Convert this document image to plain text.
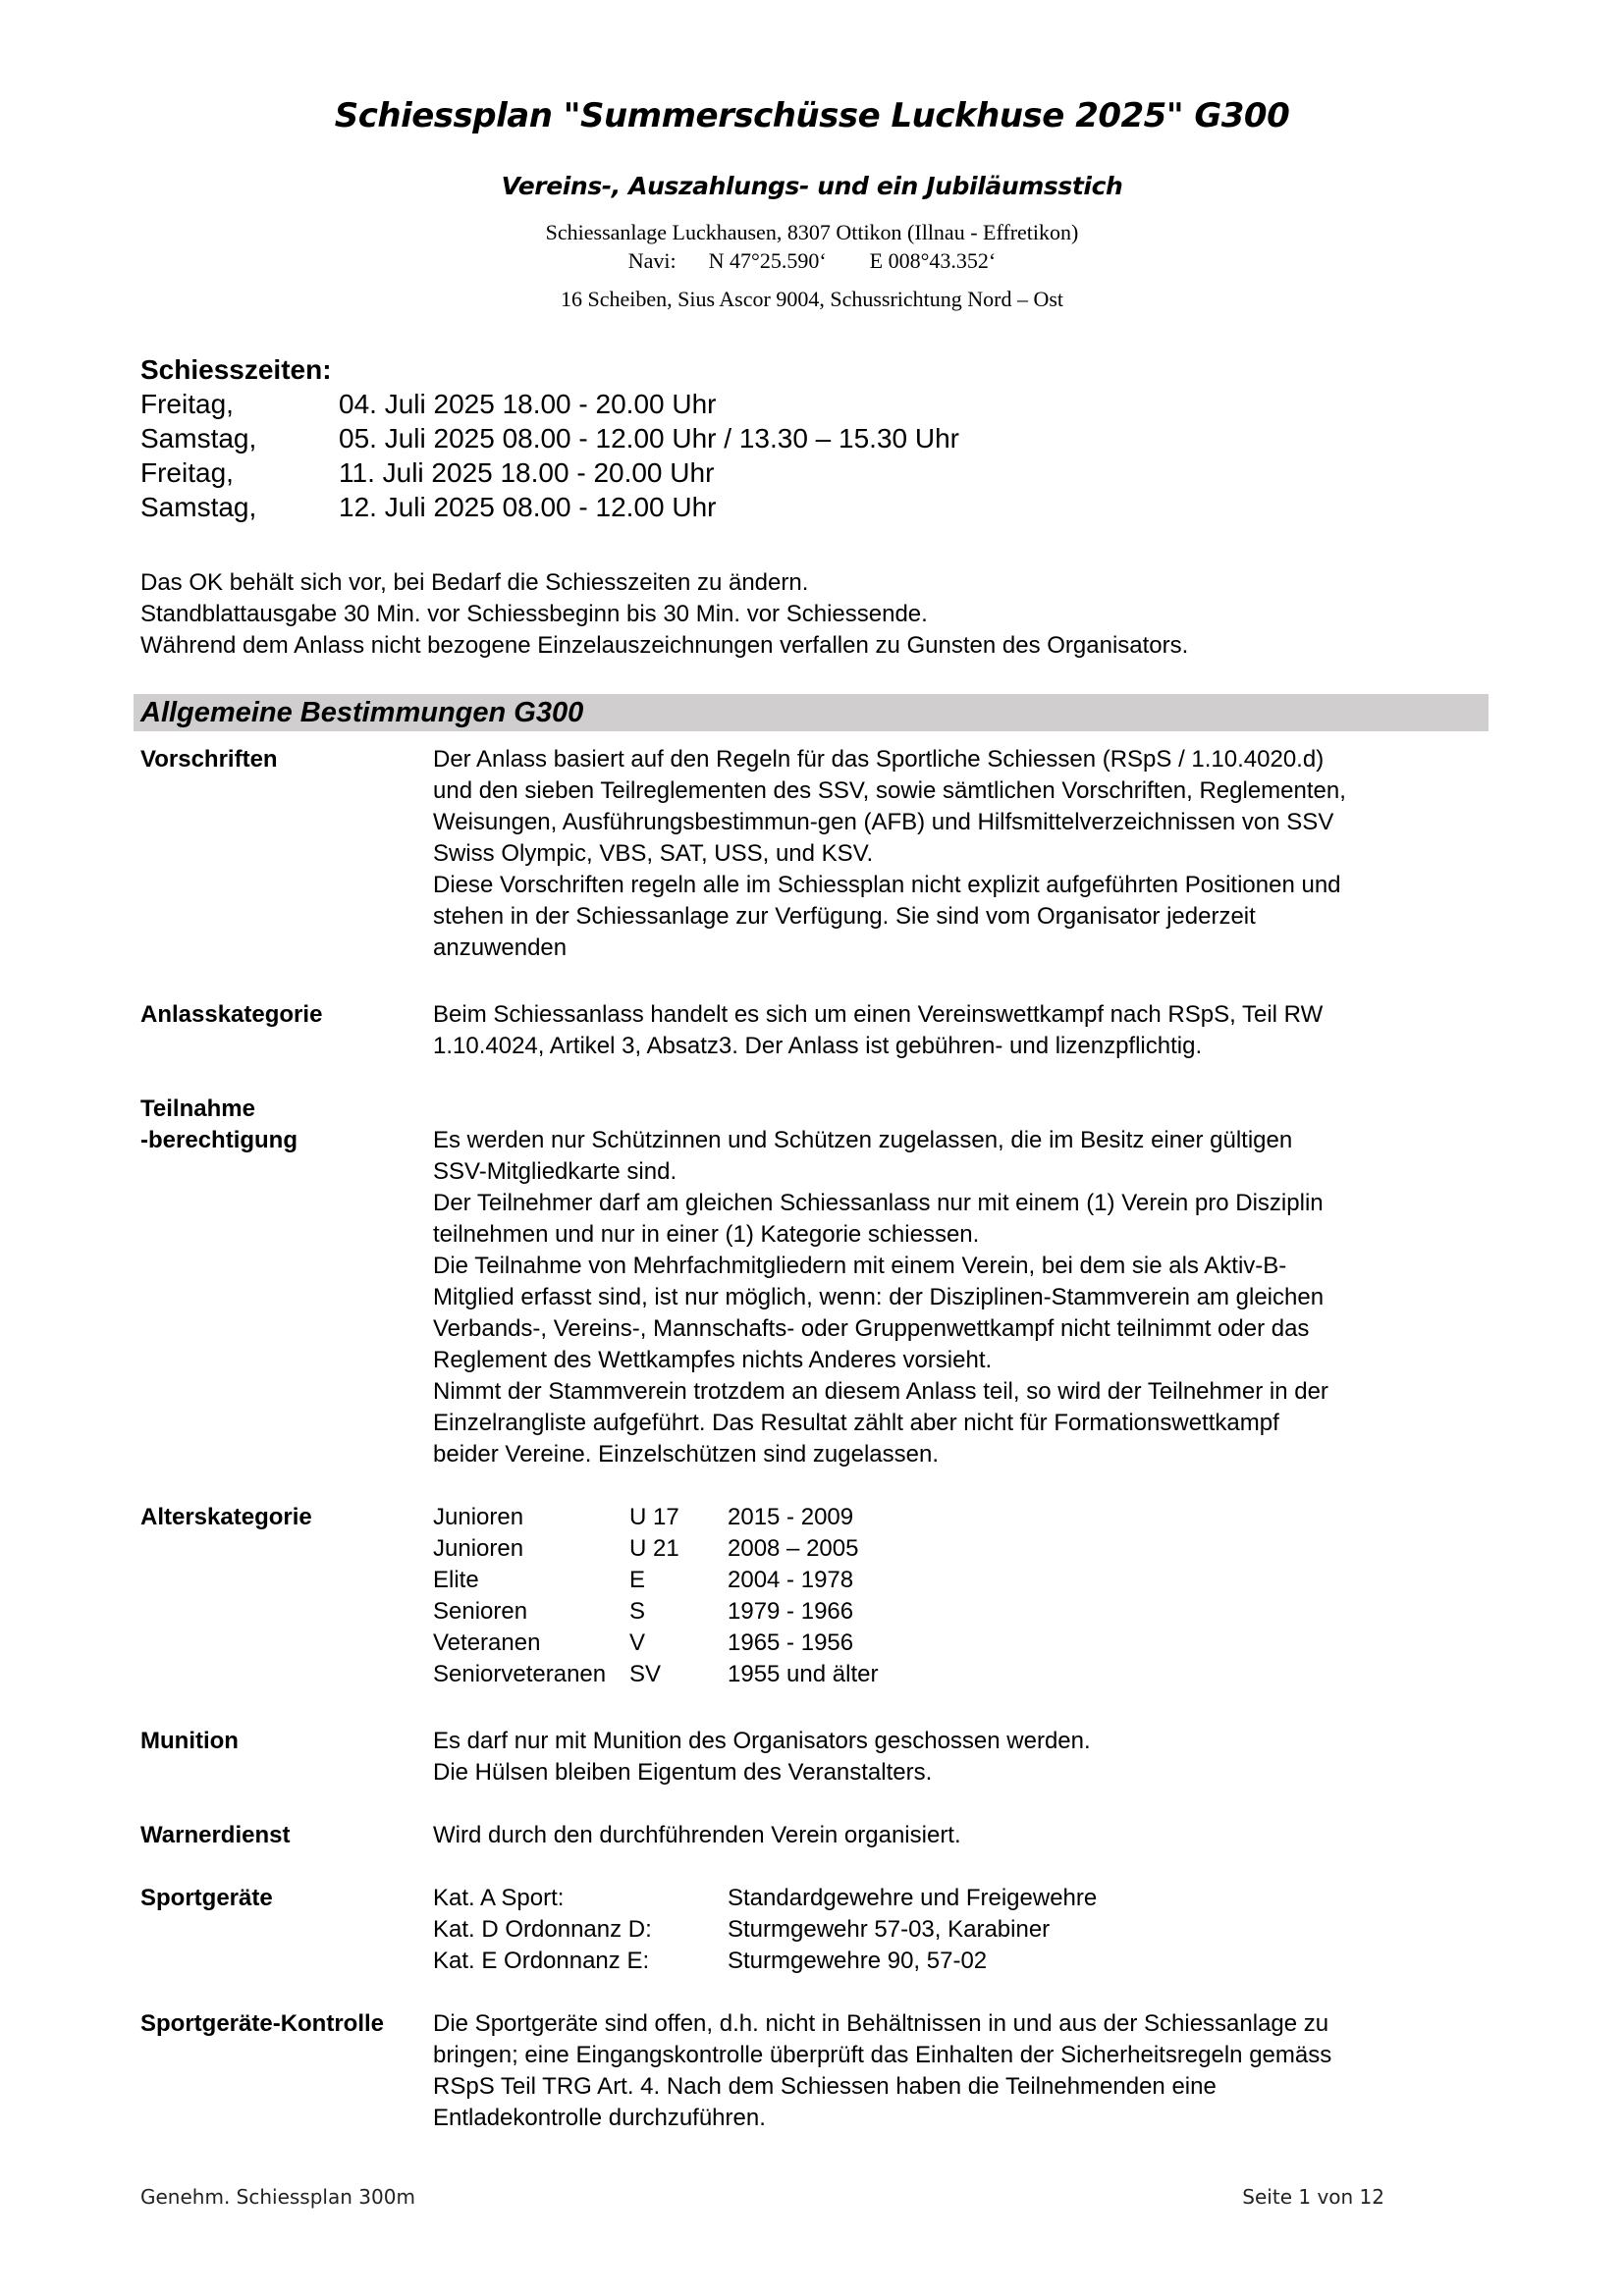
Schiessplan "Summerschüsse Luckhuse 2025" G300
Vereins-, Auszahlungs- und ein Jubiläumsstich
Schiessanlage Luckhausen, 8307 Ottikon (Illnau - Effretikon)
Navi:      N 47°25.590‘        E 008°43.352‘
16 Scheiben, Sius Ascor 9004, Schussrichtung Nord – Ost
Schiesszeiten:
Freitag,	04. Juli 2025 18.00 - 20.00 Uhr
Samstag,	05. Juli 2025 08.00 - 12.00 Uhr / 13.30 – 15.30 Uhr
Freitag,	11. Juli 2025 18.00 - 20.00 Uhr
Samstag,	12. Juli 2025 08.00 - 12.00 Uhr
Das OK behält sich vor, bei Bedarf die Schiesszeiten zu ändern.
Standblattausgabe 30 Min. vor Schiessbeginn bis 30 Min. vor Schiessende.
Während dem Anlass nicht bezogene Einzelauszeichnungen verfallen zu Gunsten des Organisators.
Allgemeine Bestimmungen G300
Vorschriften	Der Anlass basiert auf den Regeln für das Sportliche Schiessen (RSpS / 1.10.4020.d)
und den sieben Teilreglementen des SSV, sowie sämtlichen Vorschriften, Reglementen,
Weisungen, Ausführungsbestimmun-gen (AFB) und Hilfsmittelverzeichnissen von SSV
Swiss Olympic, VBS, SAT, USS, und KSV.
Diese Vorschriften regeln alle im Schiessplan nicht explizit aufgeführten Positionen und
stehen in der Schiessanlage zur Verfügung. Sie sind vom Organisator jederzeit
anzuwenden
Anlasskategorie	Beim Schiessanlass handelt es sich um einen Vereinswettkampf nach RSpS, Teil RW
1.10.4024, Artikel 3, Absatz3. Der Anlass ist gebühren- und lizenzpflichtig.
Teilnahme
-berechtigung	Es werden nur Schützinnen und Schützen zugelassen, die im Besitz einer gültigen
SSV-Mitgliedkarte sind.
Der Teilnehmer darf am gleichen Schiessanlass nur mit einem (1) Verein pro Disziplin
teilnehmen und nur in einer (1) Kategorie schiessen.
Die Teilnahme von Mehrfachmitgliedern mit einem Verein, bei dem sie als Aktiv-B-
Mitglied erfasst sind, ist nur möglich, wenn: der Disziplinen-Stammverein am gleichen
Verbands-, Vereins-, Mannschafts- oder Gruppenwettkampf nicht teilnimmt oder das
Reglement des Wettkampfes nichts Anderes vorsieht.
Nimmt der Stammverein trotzdem an diesem Anlass teil, so wird der Teilnehmer in der
Einzelrangliste aufgeführt. Das Resultat zählt aber nicht für Formationswettkampf
beider Vereine. Einzelschützen sind zugelassen.
Alterskategorie	Junioren	U 17	2015 - 2009
Junioren	U 21	2008 – 2005
Elite	E	2004 - 1978
Senioren	S	1979 - 1966
Veteranen	V	1965 - 1956
Seniorveteranen SV	1955 und älter
Munition	Es darf nur mit Munition des Organisators geschossen werden.
Die Hülsen bleiben Eigentum des Veranstalters.
Warnerdienst	Wird durch den durchführenden Verein organisiert.
Sportgeräte	Kat. A Sport:	Standardgewehre und Freigewehre
Kat. D Ordonnanz D:	Sturmgewehr 57-03, Karabiner
Kat. E Ordonnanz E:	Sturmgewehre 90, 57-02
Sportgeräte-Kontrolle Die Sportgeräte sind offen, d.h. nicht in Behältnissen in und aus der Schiessanlage zu
bringen; eine Eingangskontrolle überprüft das Einhalten der Sicherheitsregeln gemäss
RSpS Teil TRG Art. 4. Nach dem Schiessen haben die Teilnehmenden eine
Entladekontrolle durchzuführen.
Genehm. Schiessplan 300m	Seite 1 von 12
